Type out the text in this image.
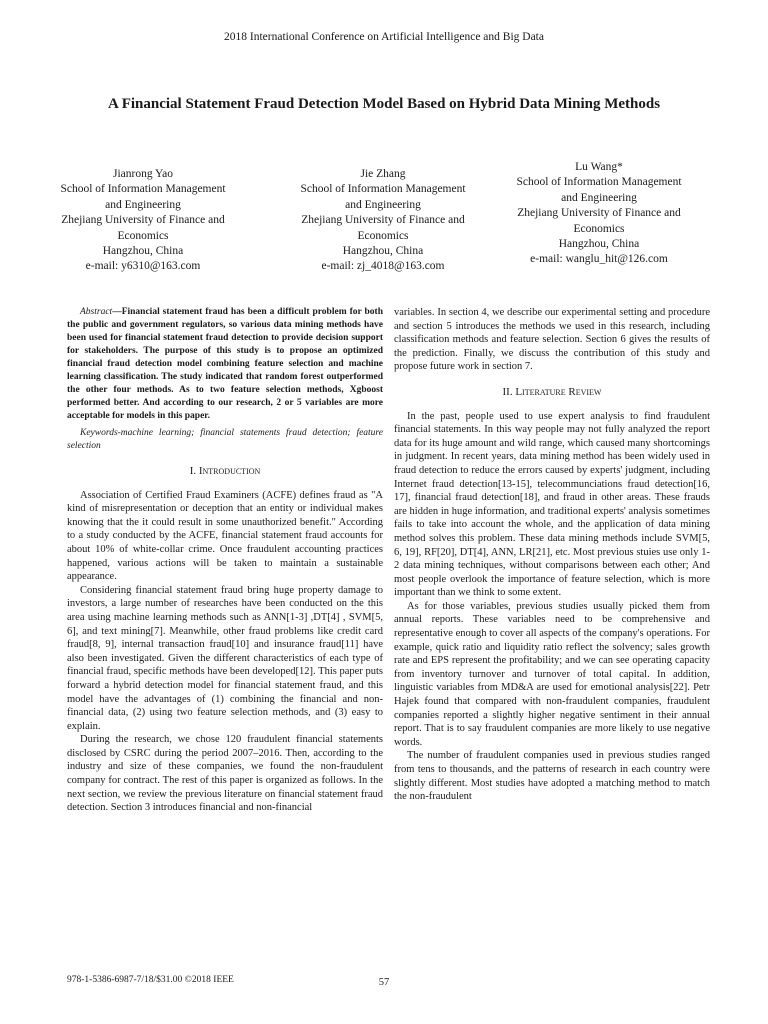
2018 International Conference on Artificial Intelligence and Big Data
A Financial Statement Fraud Detection Model Based on Hybrid Data Mining Methods
Jianrong Yao
School of Information Management
and Engineering
Zhejiang University of Finance and
Economics
Hangzhou, China
e-mail: y6310@163.com
Jie Zhang
School of Information Management
and Engineering
Zhejiang University of Finance and
Economics
Hangzhou, China
e-mail: zj_4018@163.com
Lu Wang*
School of Information Management
and Engineering
Zhejiang University of Finance and
Economics
Hangzhou, China
e-mail: wanglu_hit@126.com

Abstract—Financial statement fraud has been a difficult problem for both the public and government regulators, so various data mining methods have been used for financial statement fraud detection to provide decision support for stakeholders. The purpose of this study is to propose an optimized financial fraud detection model combining feature selection and machine learning classification. The study indicated that random forest outperformed the other four methods. As to two feature selection methods, Xgboost performed better. And according to our research, 2 or 5 variables are more acceptable for models in this paper.

Keywords-machine learning; financial statements fraud detection; feature selection

I. Introduction

Association of Certified Fraud Examiners (ACFE) defines fraud as "A kind of misrepresentation or deception that an entity or individual makes knowing that the it could result in some unauthorized benefit." According to a study conducted by the ACFE, financial statement fraud accounts for about 10% of white-collar crime. Once fraudulent accounting practices happened, various actions will be taken to maintain a sustainable appearance.

Considering financial statement fraud bring huge property damage to investors, a large number of researches have been conducted on the this area using machine learning methods such as ANN[1-3] ,DT[4] , SVM[5, 6], and text mining[7]. Meanwhile, other fraud problems like credit card fraud[8, 9], internal transaction fraud[10] and insurance fraud[11] have also been investigated. Given the different characteristics of each type of financial fraud, specific methods have been developed[12]. This paper puts forward a hybrid detection model for financial statement fraud, and this model have the advantages of (1) combining the financial and non-financial data, (2) using two feature selection methods, and (3) easy to explain.

During the research, we chose 120 fraudulent financial statements disclosed by CSRC during the period 2007–2016. Then, according to the industry and size of these companies, we found the non-fraudulent company for contract. The rest of this paper is organized as follows. In the next section, we review the previous literature on financial statement fraud detection. Section 3 introduces financial and non-financial

variables. In section 4, we describe our experimental setting and procedure and section 5 introduces the methods we used in this research, including classification methods and feature selection. Section 6 gives the results of the prediction. Finally, we discuss the contribution of this study and propose future work in section 7.

II. Literature Review

In the past, people used to use expert analysis to find fraudulent financial statements. In this way people may not fully analyzed the report data for its huge amount and wild range, which caused many shortcomings in judgment. In recent years, data mining method has been widely used in fraud detection to reduce the errors caused by experts' judgment, including Internet fraud detection[13-15], telecommunciations fraud detection[16, 17], financial fraud detection[18], and fraud in other areas. These frauds are hidden in huge information, and traditional experts' analysis sometimes fails to take into account the whole, and the application of data mining method solves this problem. These data mining methods include SVM[5, 6, 19], RF[20], DT[4], ANN, LR[21], etc. Most previous stuies use only 1-2 data mining techniques, without comparisons between each other; And most people overlook the importance of feature selection, which is more important than we think to some extent.

As for those variables, previous studies usually picked them from annual reports. These variables need to be comprehensive and representative enough to cover all aspects of the company's operations. For example, quick ratio and liquidity ratio reflect the solvency; sales growth rate and EPS represent the profitability; and we can see operating capacity from inventory turnover and turnover of total capital. In addition, linguistic variables from MD&A are used for emotional analysis[22]. Petr Hajek found that compared with non-fraudulent companies, fraudulent companies reported a slightly higher negative sentiment in their annual report. That is to say fraudulent companies are more likely to use negative words.

The number of fraudulent companies used in previous studies ranged from tens to thousands, and the patterns of research in each country were slightly different. Most studies have adopted a matching method to match the non-fraudulent

978-1-5386-6987-7/18/$31.00 ©2018 IEEE	57
